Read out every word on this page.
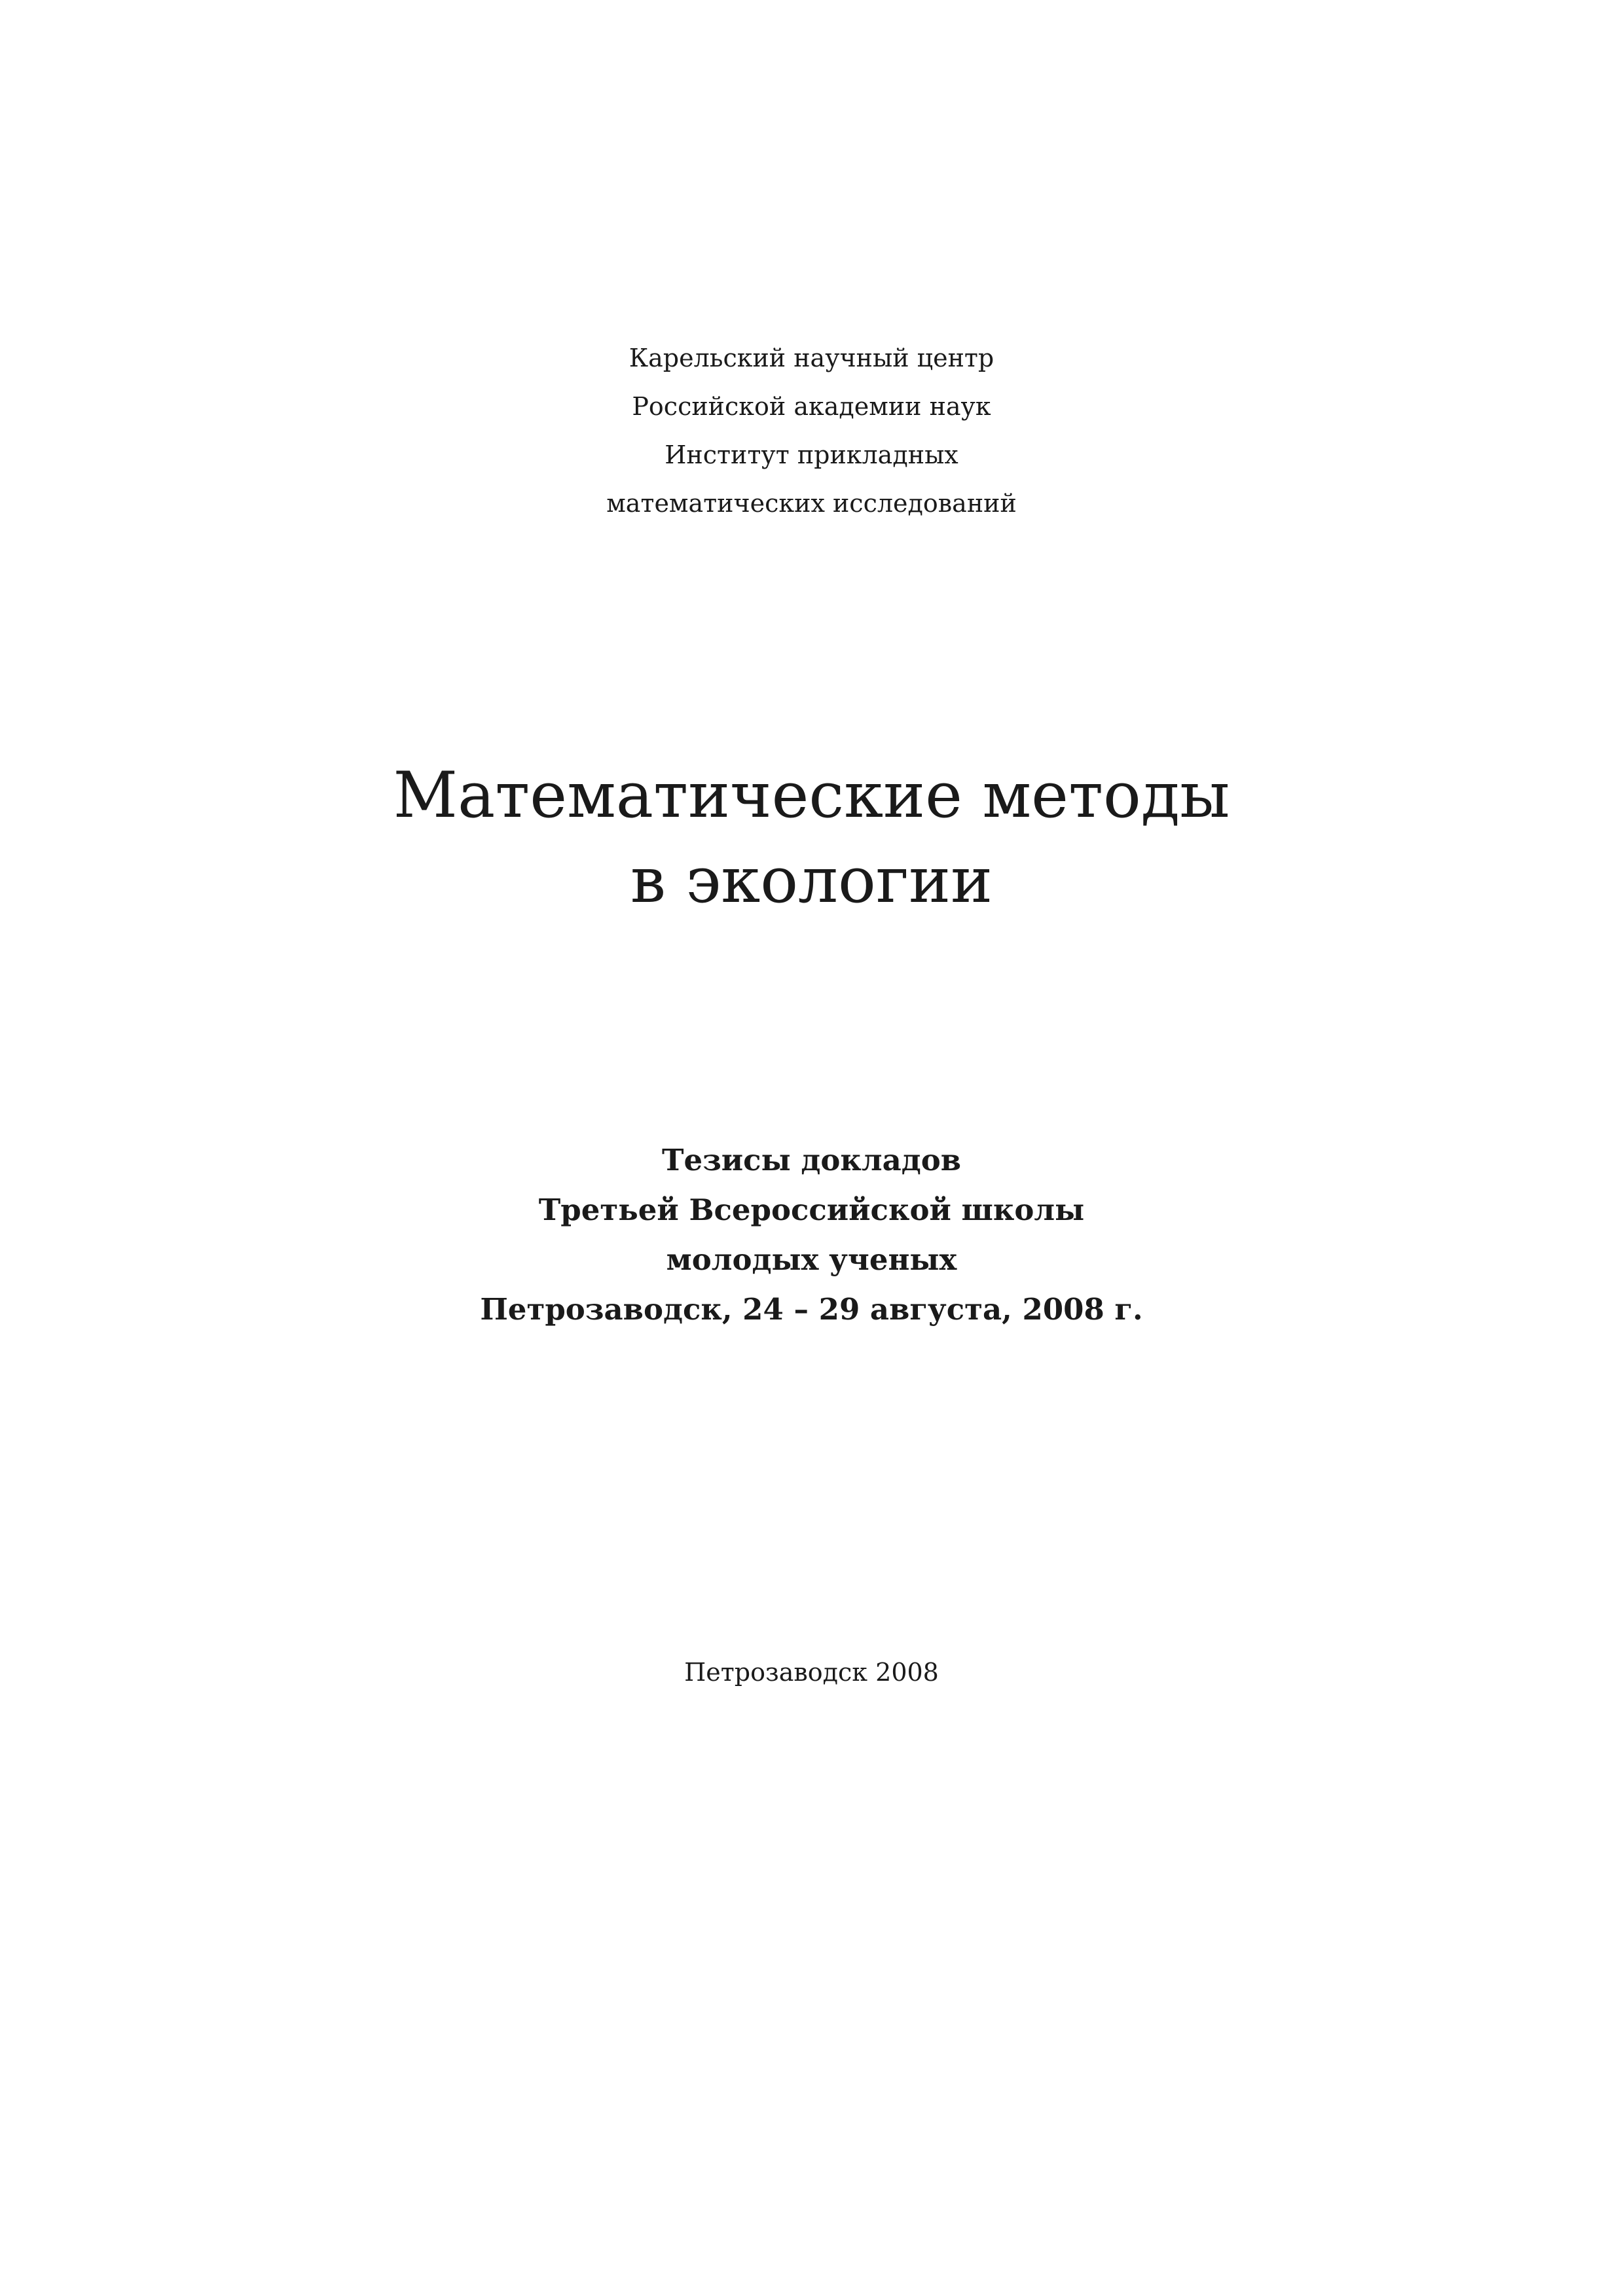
Карельский научный центр
Российской академии наук
Институт прикладных
математических исследований
Математические методы
в экологии
Тезисы докладов
Третьей Всероссийской школы
молодых ученых
Петрозаводск, 24 – 29 августа, 2008 г.
Петрозаводск 2008
